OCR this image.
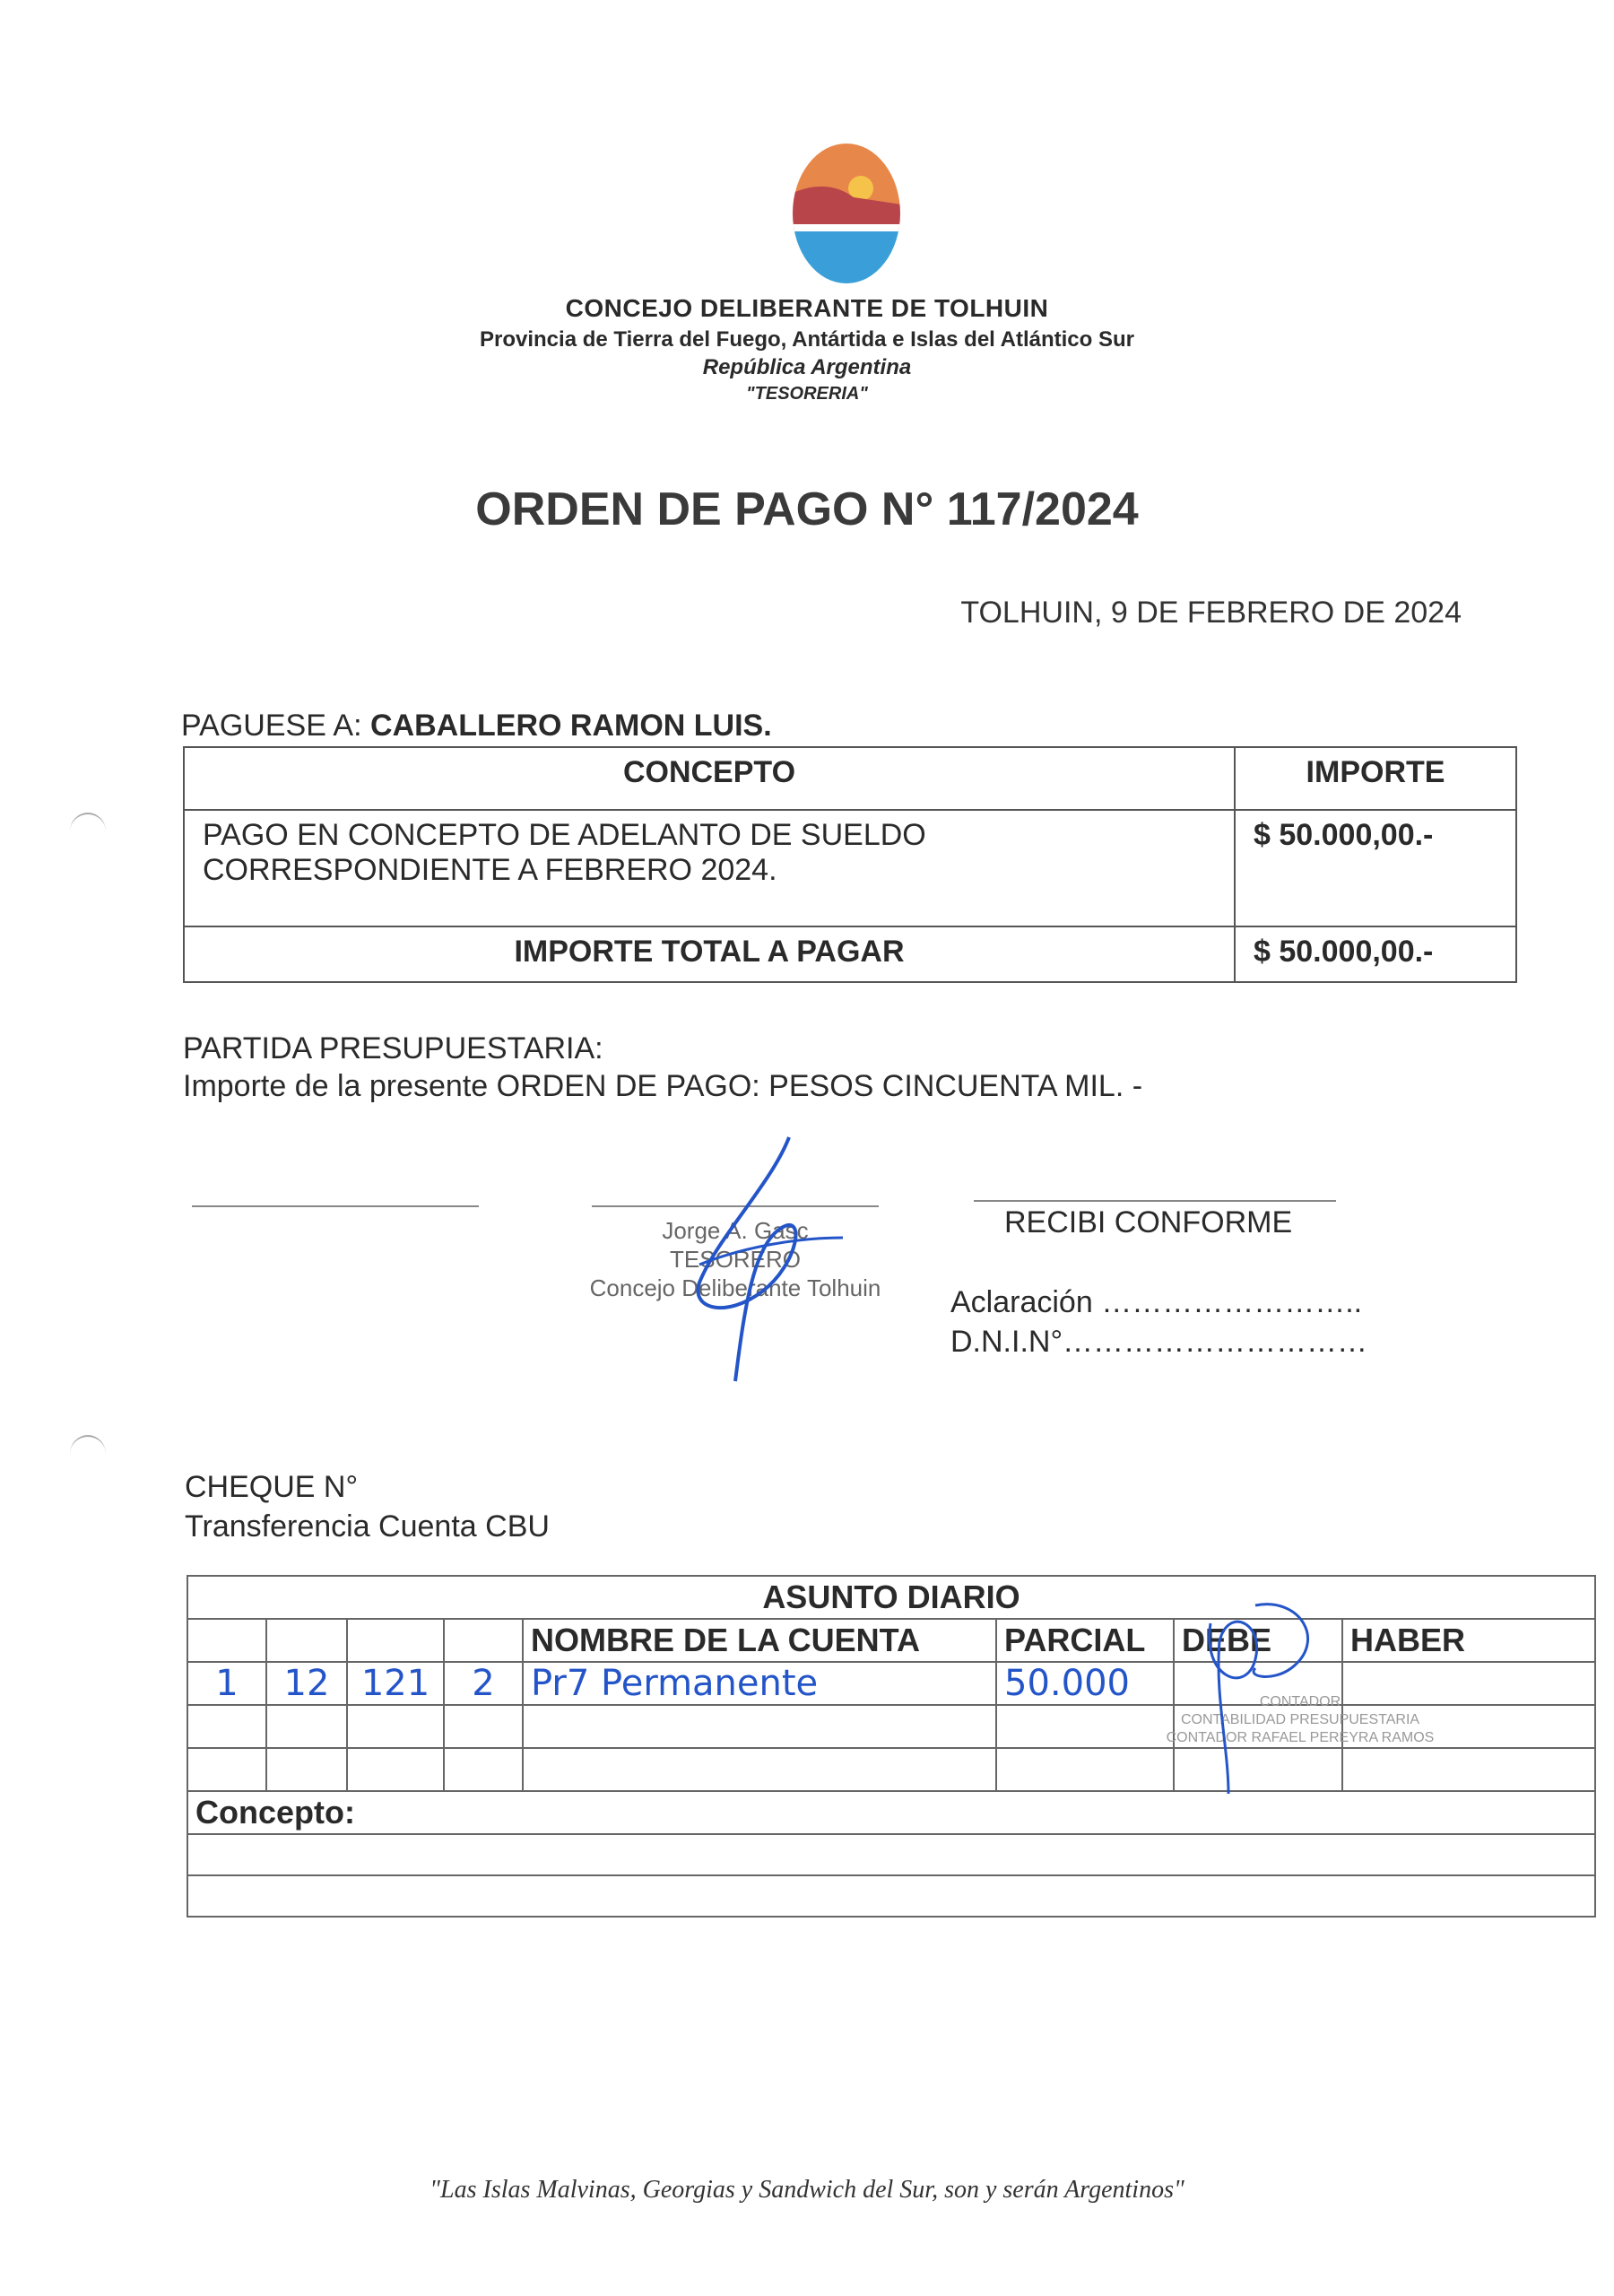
CONCEJO DELIBERANTE DE TOLHUIN
Provincia de Tierra del Fuego, Antártida e Islas del Atlántico Sur
República Argentina
"TESORERIA"
ORDEN DE PAGO N° 117/2024
TOLHUIN, 9 DE FEBRERO DE 2024
PAGUESE A: CABALLERO RAMON LUIS.
CONCEPTO	IMPORTE

PAGO EN CONCEPTO DE ADELANTO DE SUELDO
CORRESPONDIENTE A FEBRERO 2024.	$ 50.000,00.-
IMPORTE TOTAL A PAGAR	$ 50.000,00.-
PARTIDA PRESUPUESTARIA:
Importe de la presente ORDEN DE PAGO: PESOS CINCUENTA MIL. -
Jorge A. Gasc
TESORERO
Concejo Deliberante Tolhuin
RECIBI CONFORME
Aclaración ……………………..
D.N.I.N°…………………………
CHEQUE N°
Transferencia Cuenta CBU
ASUNTO DIARIO							
				NOMBRE DE LA CUENTA	PARCIAL	DEBE	HABER
1	12	121	2	Pr7 Permanente	50.000		

Concepto:							

CONTADOR
CONTABILIDAD PRESUPUESTARIA
CONTADOR RAFAEL PEREYRA RAMOS
"Las Islas Malvinas, Georgias y Sandwich del Sur, son y serán Argentinos"
